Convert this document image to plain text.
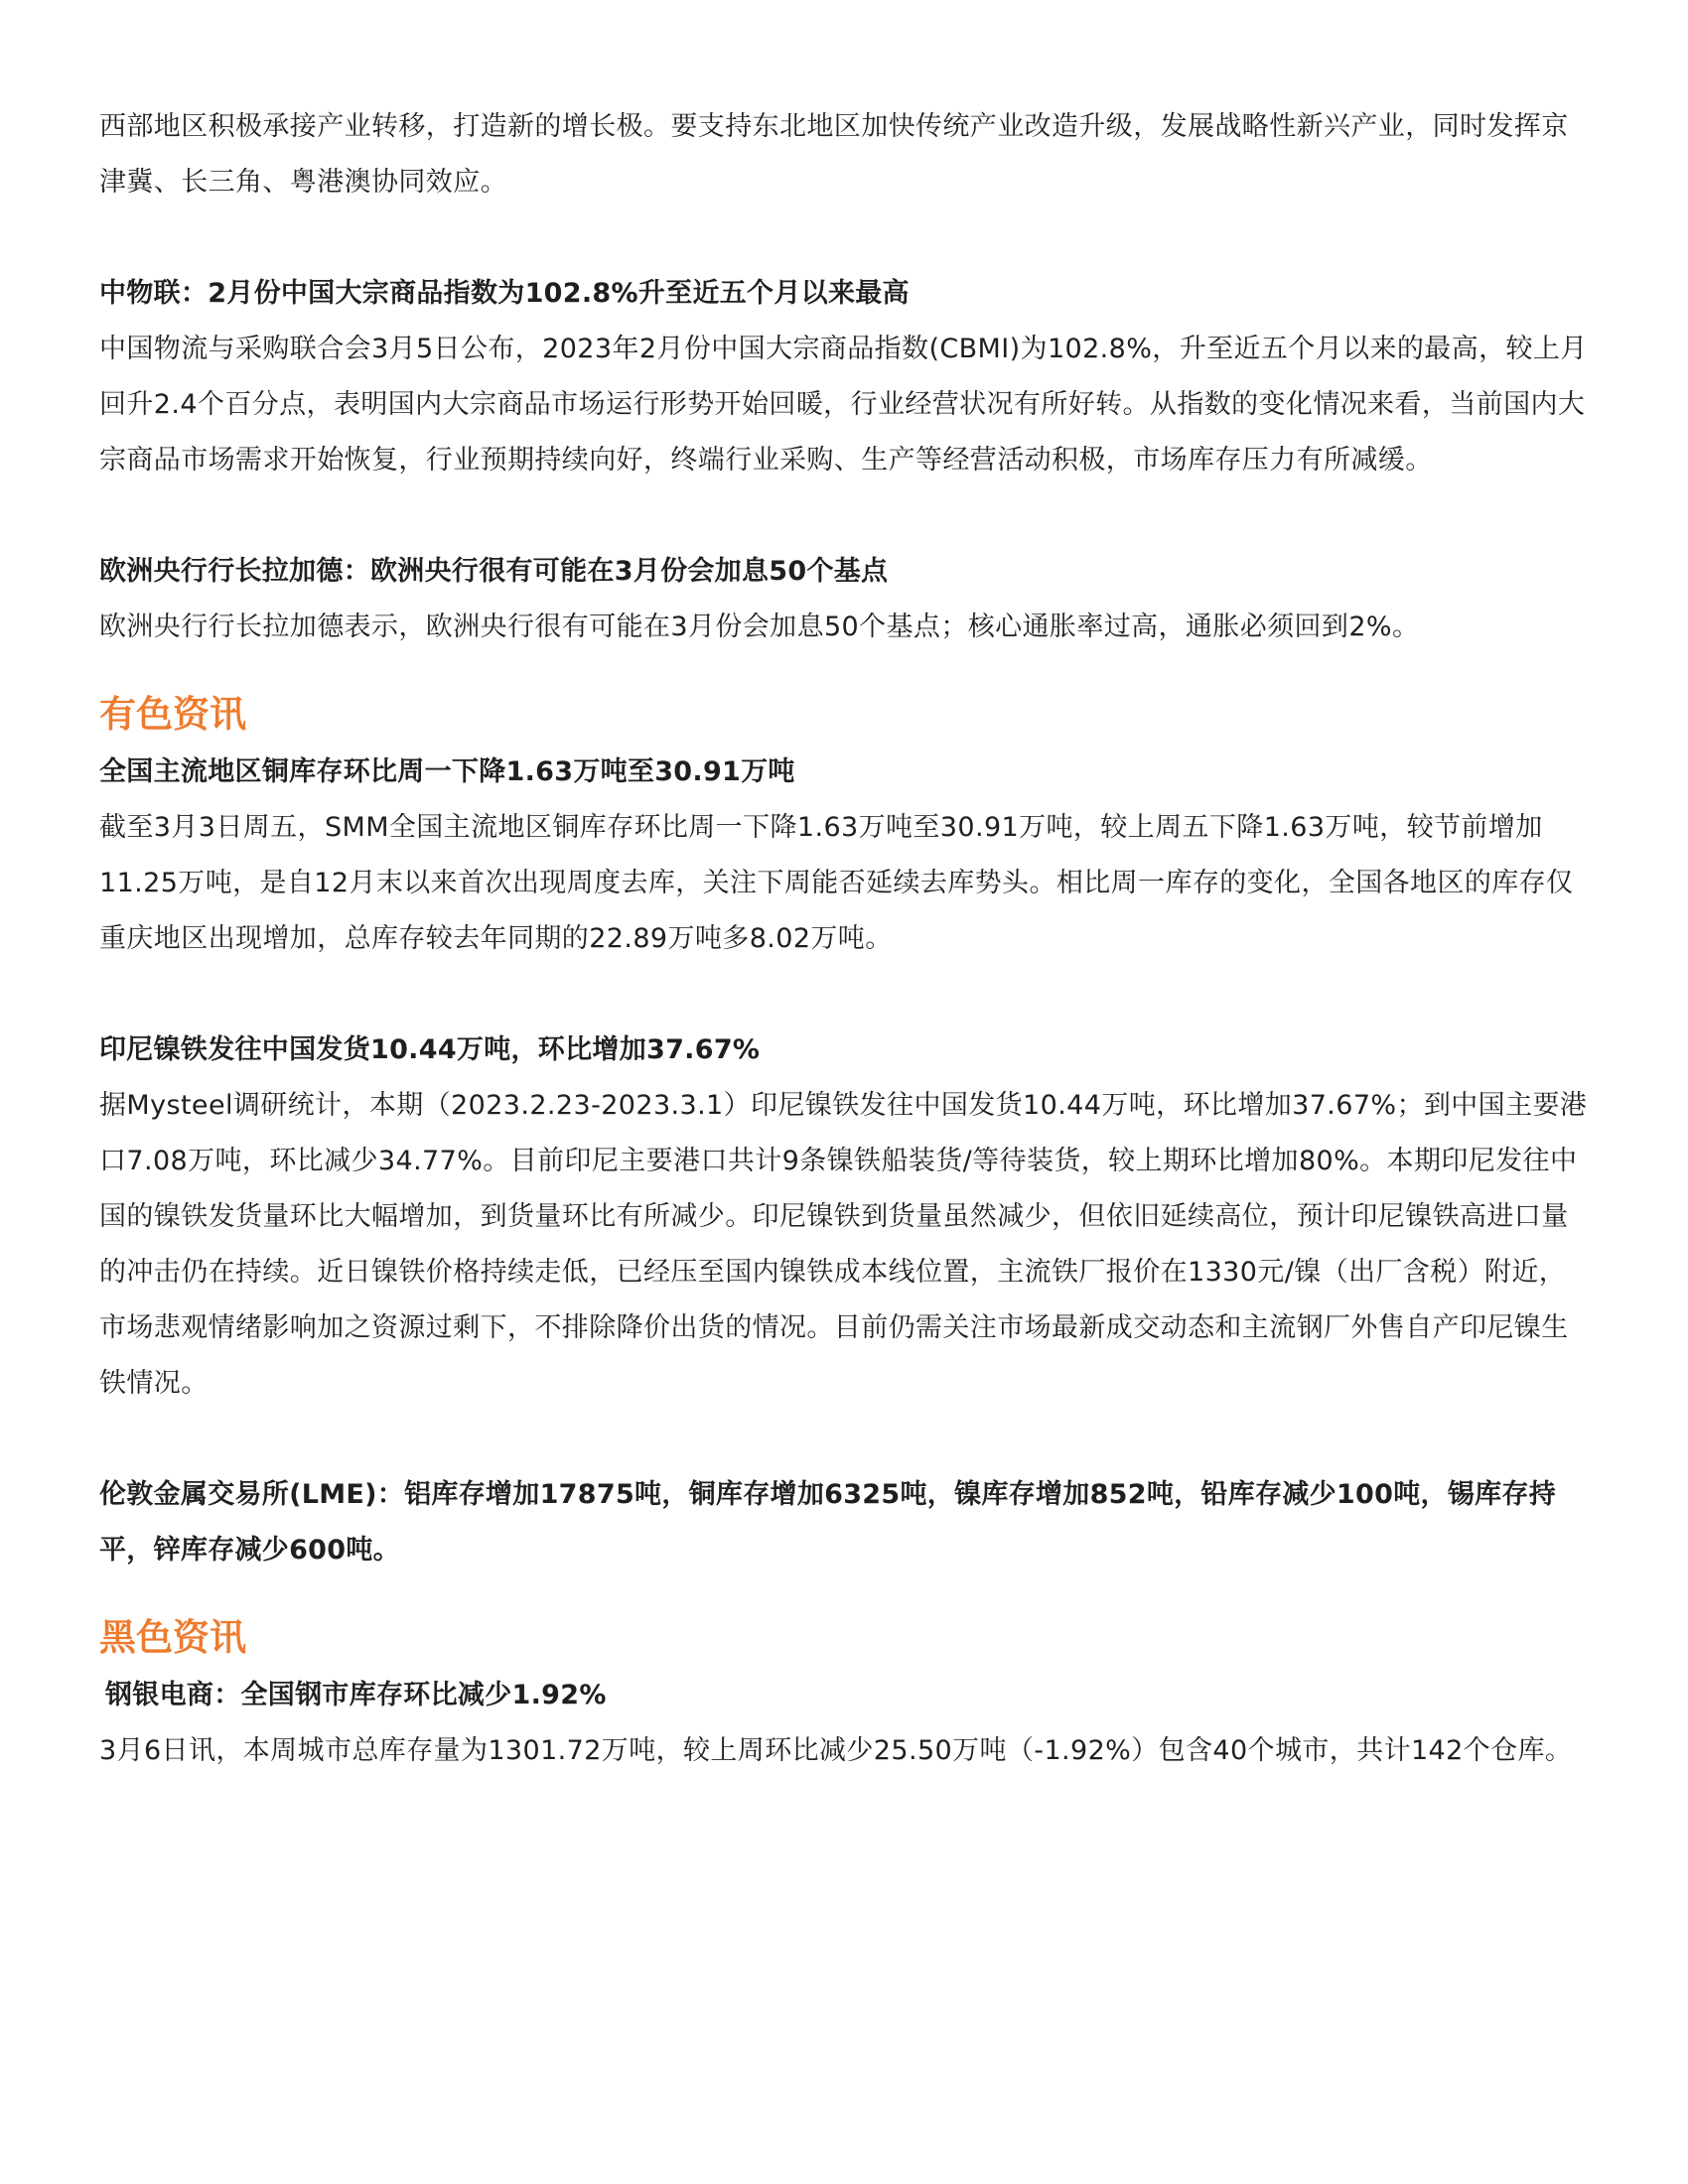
西部地区积极承接产业转移，打造新的增长极。要支持东北地区加快传统产业改造升级，发展战略性新兴产业，同时发挥京津冀、长三角、粤港澳协同效应。

中物联：2月份中国大宗商品指数为102.8%升至近五个月以来最高

中国物流与采购联合会3月5日公布，2023年2月份中国大宗商品指数(CBMI)为102.8%，升至近五个月以来的最高，较上月回升2.4个百分点，表明国内大宗商品市场运行形势开始回暖，行业经营状况有所好转。从指数的变化情况来看，当前国内大宗商品市场需求开始恢复，行业预期持续向好，终端行业采购、生产等经营活动积极，市场库存压力有所减缓。

欧洲央行行长拉加德：欧洲央行很有可能在3月份会加息50个基点

欧洲央行行长拉加德表示，欧洲央行很有可能在3月份会加息50个基点；核心通胀率过高，通胀必须回到2%。

有色资讯

全国主流地区铜库存环比周一下降1.63万吨至30.91万吨

截至3月3日周五，SMM全国主流地区铜库存环比周一下降1.63万吨至30.91万吨，较上周五下降1.63万吨，较节前增加11.25万吨，是自12月末以来首次出现周度去库，关注下周能否延续去库势头。相比周一库存的变化，全国各地区的库存仅重庆地区出现增加，总库存较去年同期的22.89万吨多8.02万吨。

印尼镍铁发往中国发货10.44万吨，环比增加37.67%

据Mysteel调研统计，本期（2023.2.23-2023.3.1）印尼镍铁发往中国发货10.44万吨，环比增加37.67%；到中国主要港口7.08万吨，环比减少34.77%。目前印尼主要港口共计9条镍铁船装货/等待装货，较上期环比增加80%。本期印尼发往中国的镍铁发货量环比大幅增加，到货量环比有所减少。印尼镍铁到货量虽然减少，但依旧延续高位，预计印尼镍铁高进口量的冲击仍在持续。近日镍铁价格持续走低，已经压至国内镍铁成本线位置，主流铁厂报价在1330元/镍（出厂含税）附近，市场悲观情绪影响加之资源过剩下，不排除降价出货的情况。目前仍需关注市场最新成交动态和主流钢厂外售自产印尼镍生铁情况。

伦敦金属交易所(LME)：铝库存增加17875吨，铜库存增加6325吨，镍库存增加852吨，铅库存减少100吨，锡库存持平，锌库存减少600吨。

黑色资讯

钢银电商：全国钢市库存环比减少1.92%

3月6日讯，本周城市总库存量为1301.72万吨，较上周环比减少25.50万吨（-1.92%）包含40个城市，共计142个仓库。
